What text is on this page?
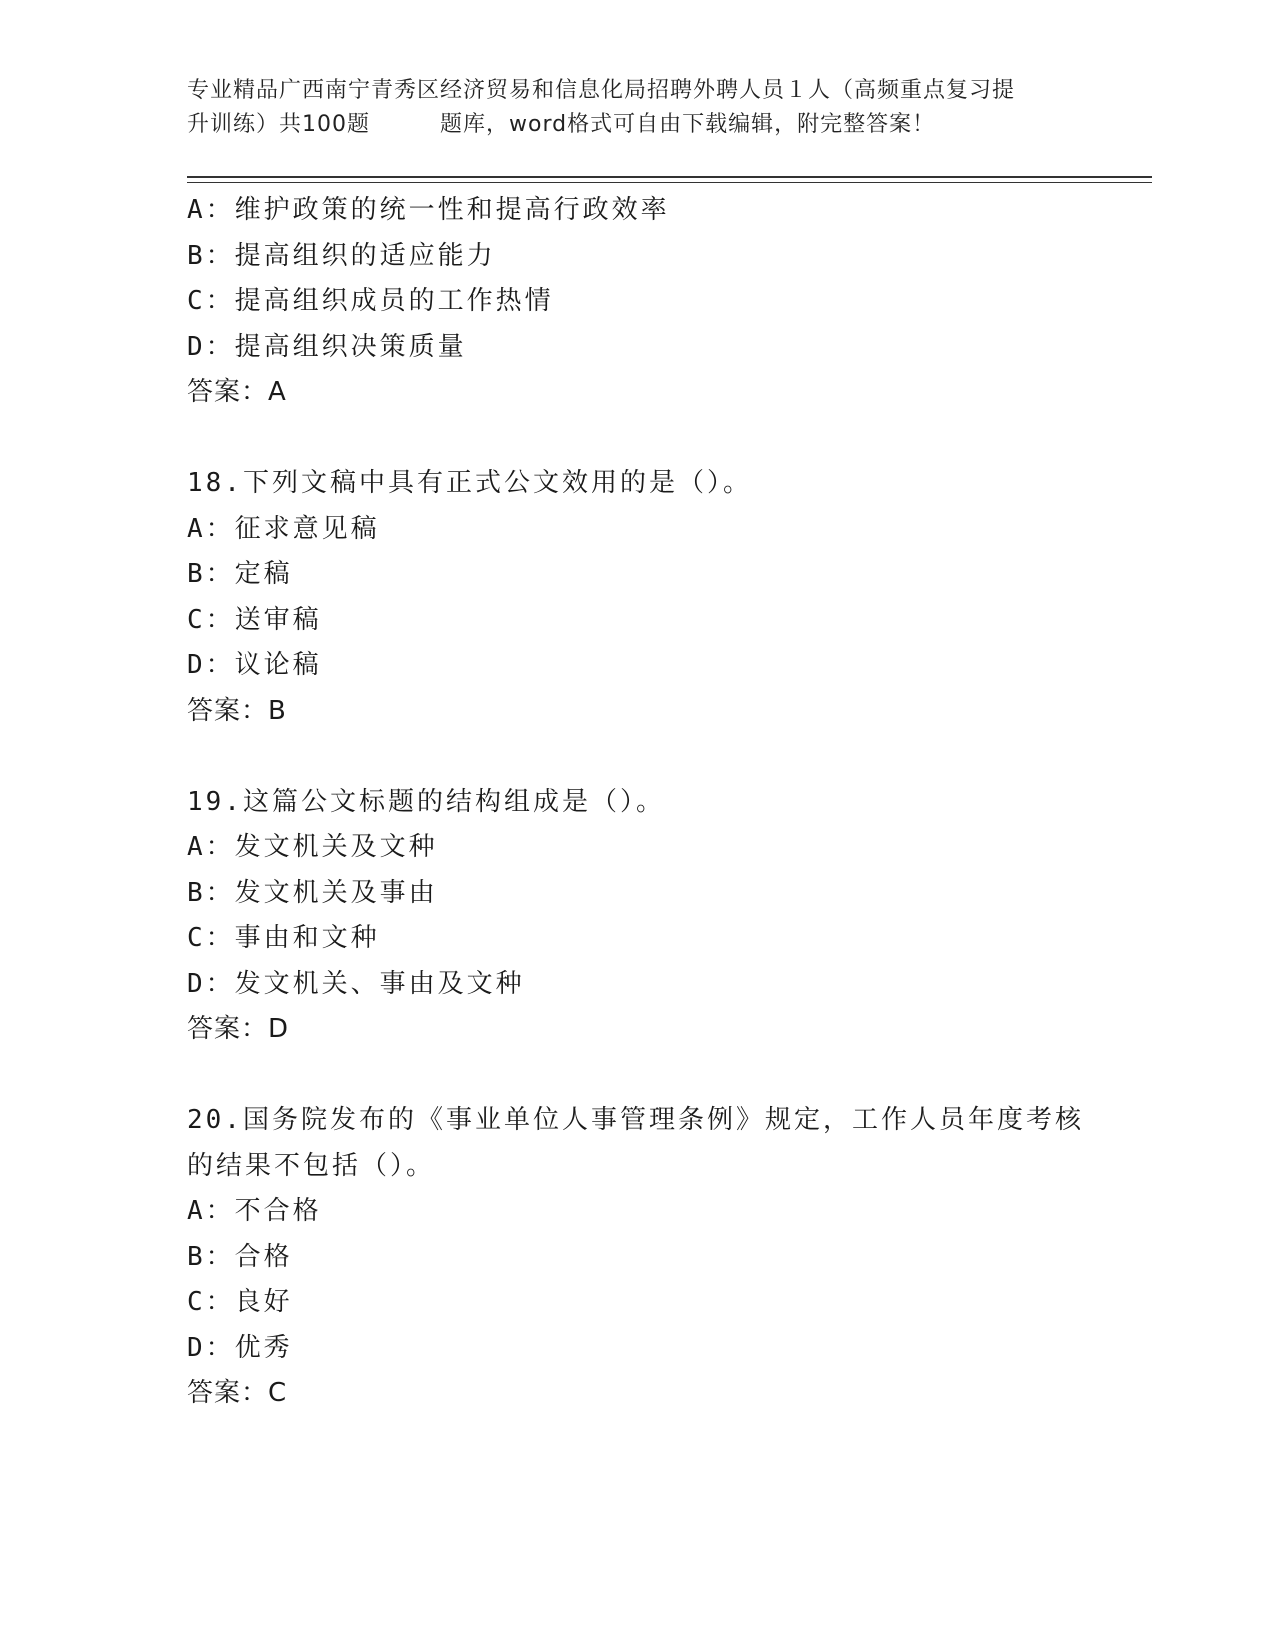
专业精品广西南宁青秀区经济贸易和信息化局招聘外聘人员１人（高频重点复习提
升训练）共100题	题库，word格式可自由下载编辑，附完整答案！
A：维护政策的统一性和提高行政效率
B：提高组织的适应能力
C：提高组织成员的工作热情
D：提高组织决策质量
答案：A
18.下列文稿中具有正式公文效用的是（）。
A：征求意见稿
B：定稿
C：送审稿
D：议论稿
答案：B
19.这篇公文标题的结构组成是（）。
A：发文机关及文种
B：发文机关及事由
C：事由和文种
D：发文机关、事由及文种
答案：D
20.国务院发布的《事业单位人事管理条例》规定，工作人员年度考核
的结果不包括（）。
A：不合格
B：合格
C：良好
D：优秀
答案：C
